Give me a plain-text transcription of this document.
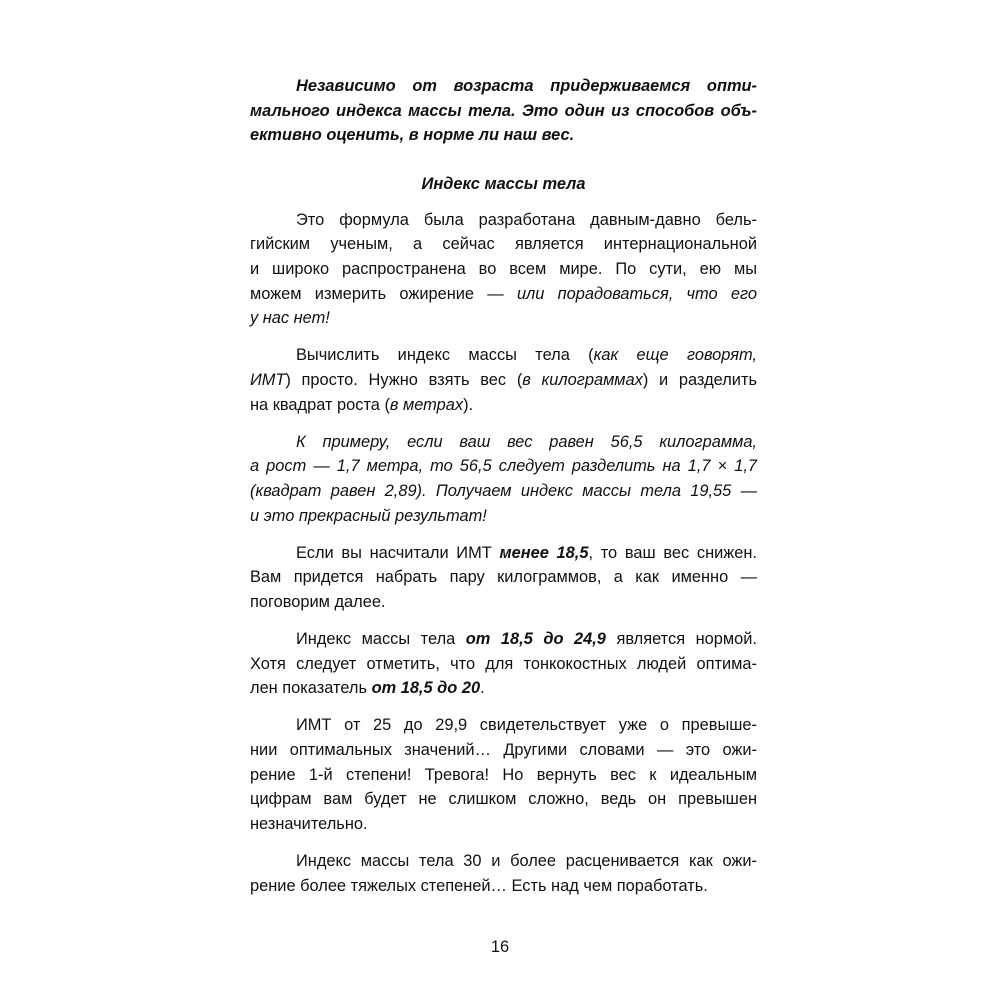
Независимо от возраста придерживаемся опти-
мального индекса массы тела. Это один из способов объ-
ективно оценить, в норме ли наш вес.

Индекс массы тела

Это формула была разработана давным-давно бель-
гийским ученым, а сейчас является интернациональной
и широко распространена во всем мире. По сути, ею мы
можем измерить ожирение — или порадоваться, что его
у нас нет!

Вычислить индекс массы тела (как еще говорят,
ИМТ) просто. Нужно взять вес (в килограммах) и разделить
на квадрат роста (в метрах).

К примеру, если ваш вес равен 56,5 килограмма,
а рост — 1,7 метра, то 56,5 следует разделить на 1,7 × 1,7
(квадрат равен 2,89). Получаем индекс массы тела 19,55 —
и это прекрасный результат!

Если вы насчитали ИМТ менее 18,5, то ваш вес снижен.
Вам придется набрать пару килограммов, а как именно —
поговорим далее.

Индекс массы тела от 18,5 до 24,9 является нормой.
Хотя следует отметить, что для тонкокостных людей оптима-
лен показатель от 18,5 до 20.

ИМТ от 25 до 29,9 свидетельствует уже о превыше-
нии оптимальных значений… Другими словами — это ожи-
рение 1-й степени! Тревога! Но вернуть вес к идеальным
цифрам вам будет не слишком сложно, ведь он превышен
незначительно.

Индекс массы тела 30 и более расценивается как ожи-
рение более тяжелых степеней… Есть над чем поработать.

16
